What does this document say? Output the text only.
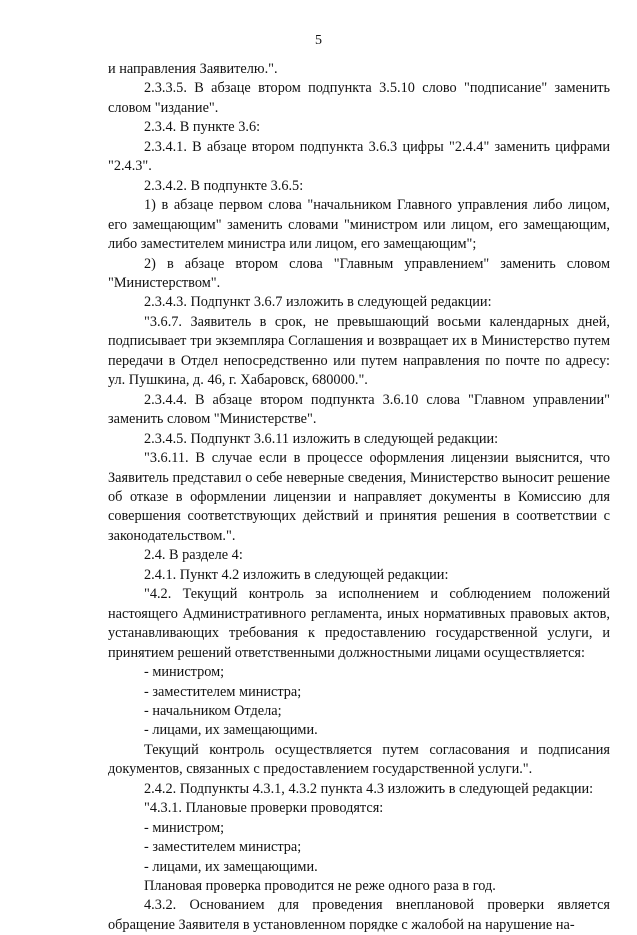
5

и направления Заявителю.".

2.3.3.5. В абзаце втором подпункта 3.5.10 слово "подписание" заменить словом "издание".

2.3.4. В пункте 3.6:

2.3.4.1. В абзаце втором подпункта 3.6.3 цифры "2.4.4" заменить цифрами "2.4.3".

2.3.4.2. В подпункте 3.6.5:

1) в абзаце первом слова "начальником Главного управления либо лицом, его замещающим" заменить словами "министром или лицом, его замещающим, либо заместителем министра или лицом, его замещающим";

2) в абзаце втором слова "Главным управлением" заменить словом "Министерством".

2.3.4.3. Подпункт 3.6.7 изложить в следующей редакции:

"3.6.7. Заявитель в срок, не превышающий восьми календарных дней, подписывает три экземпляра Соглашения и возвращает их в Министерство путем передачи в Отдел непосредственно или путем направления по почте по адресу: ул. Пушкина, д. 46, г. Хабаровск, 680000.".

2.3.4.4. В абзаце втором подпункта 3.6.10 слова "Главном управлении" заменить словом "Министерстве".

2.3.4.5. Подпункт 3.6.11 изложить в следующей редакции:

"3.6.11. В случае если в процессе оформления лицензии выяснится, что Заявитель представил о себе неверные сведения, Министерство выносит решение об отказе в оформлении лицензии и направляет документы в Комиссию для совершения соответствующих действий и принятия решения в соответствии с законодательством.".

2.4. В разделе 4:

2.4.1. Пункт 4.2 изложить в следующей редакции:

"4.2. Текущий контроль за исполнением и соблюдением положений настоящего Административного регламента, иных нормативных правовых актов, устанавливающих требования к предоставлению государственной услуги, и принятием решений ответственными должностными лицами осуществляется:

- министром;

- заместителем министра;

- начальником Отдела;

- лицами, их замещающими.

Текущий контроль осуществляется путем согласования и подписания документов, связанных с предоставлением государственной услуги.".

2.4.2. Подпункты 4.3.1, 4.3.2 пункта 4.3 изложить в следующей редакции:

"4.3.1. Плановые проверки проводятся:

- министром;

- заместителем министра;

- лицами, их замещающими.

Плановая проверка проводится не реже одного раза в год.

4.3.2. Основанием для проведения внеплановой проверки является обращение Заявителя в установленном порядке с жалобой на нарушение на-
